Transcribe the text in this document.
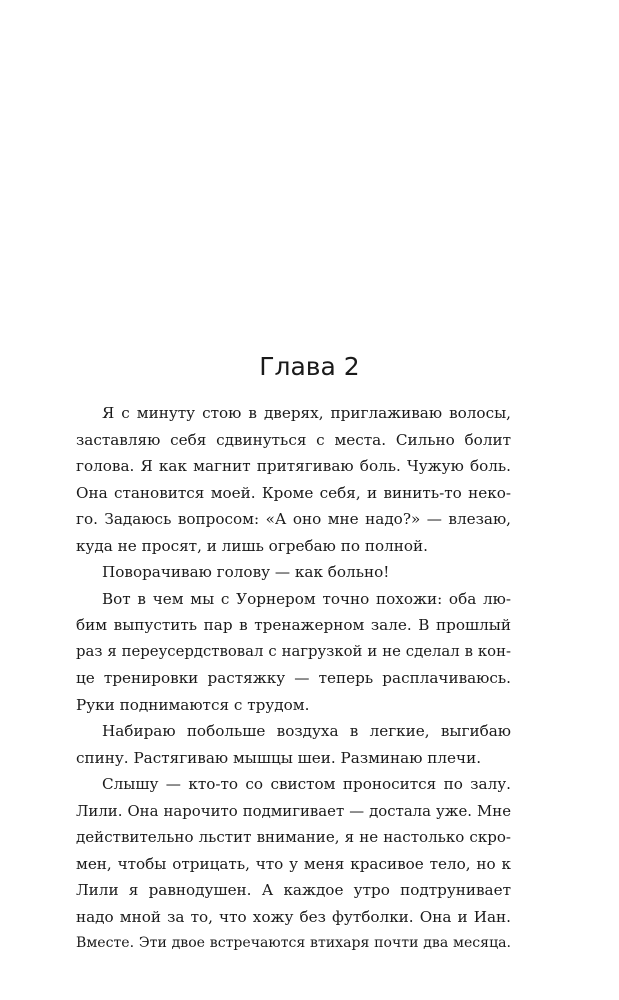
Глава 2
Я с минуту стою в дверях, приглаживаю волосы,
заставляю себя сдвинуться с места. Сильно болит
голова. Я как магнит притягиваю боль. Чужую боль.
Она становится моей. Кроме себя, и винить-то неко-
го. Задаюсь вопросом: «А оно мне надо?» — влезаю,
куда не просят, и лишь огребаю по полной.
Поворачиваю голову — как больно!
Вот в чем мы с Уорнером точно похожи: оба лю-
бим выпустить пар в тренажерном зале. В прошлый
раз я переусердствовал с нагрузкой и не сделал в кон-
це тренировки растяжку — теперь расплачиваюсь.
Руки поднимаются с трудом.
Набираю побольше воздуха в легкие, выгибаю
спину. Растягиваю мышцы шеи. Разминаю плечи.
Слышу — кто-то со свистом проносится по залу.
Лили. Она нарочито подмигивает — достала уже. Мне
действительно льстит внимание, я не настолько скро-
мен, чтобы отрицать, что у меня красивое тело, но к
Лили я равнодушен. А каждое утро подтрунивает
надо мной за то, что хожу без футболки. Она и Иан.
Вместе. Эти двое встречаются втихаря почти два месяца.
